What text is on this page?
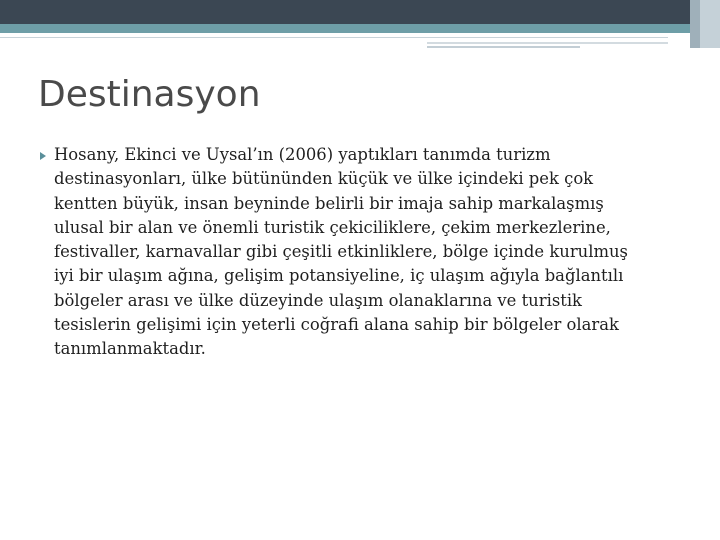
Destinasyon

Hosany, Ekinci ve Uysal’ın (2006) yaptıkları tanımda turizm
destinasyonları, ülke bütününden küçük ve ülke içindeki pek çok
kentten büyük, insan beyninde belirli bir imaja sahip markalaşmış
ulusal bir alan ve önemli turistik çekiciliklere, çekim merkezlerine,
festivaller, karnavallar gibi çeşitli etkinliklere, bölge içinde kurulmuş
iyi bir ulaşım ağına, gelişim potansiyeline, iç ulaşım ağıyla bağlantılı
bölgeler arası ve ülke düzeyinde ulaşım olanaklarına ve turistik
tesislerin gelişimi için yeterli coğrafi alana sahip bir bölgeler olarak
tanımlanmaktadır.
